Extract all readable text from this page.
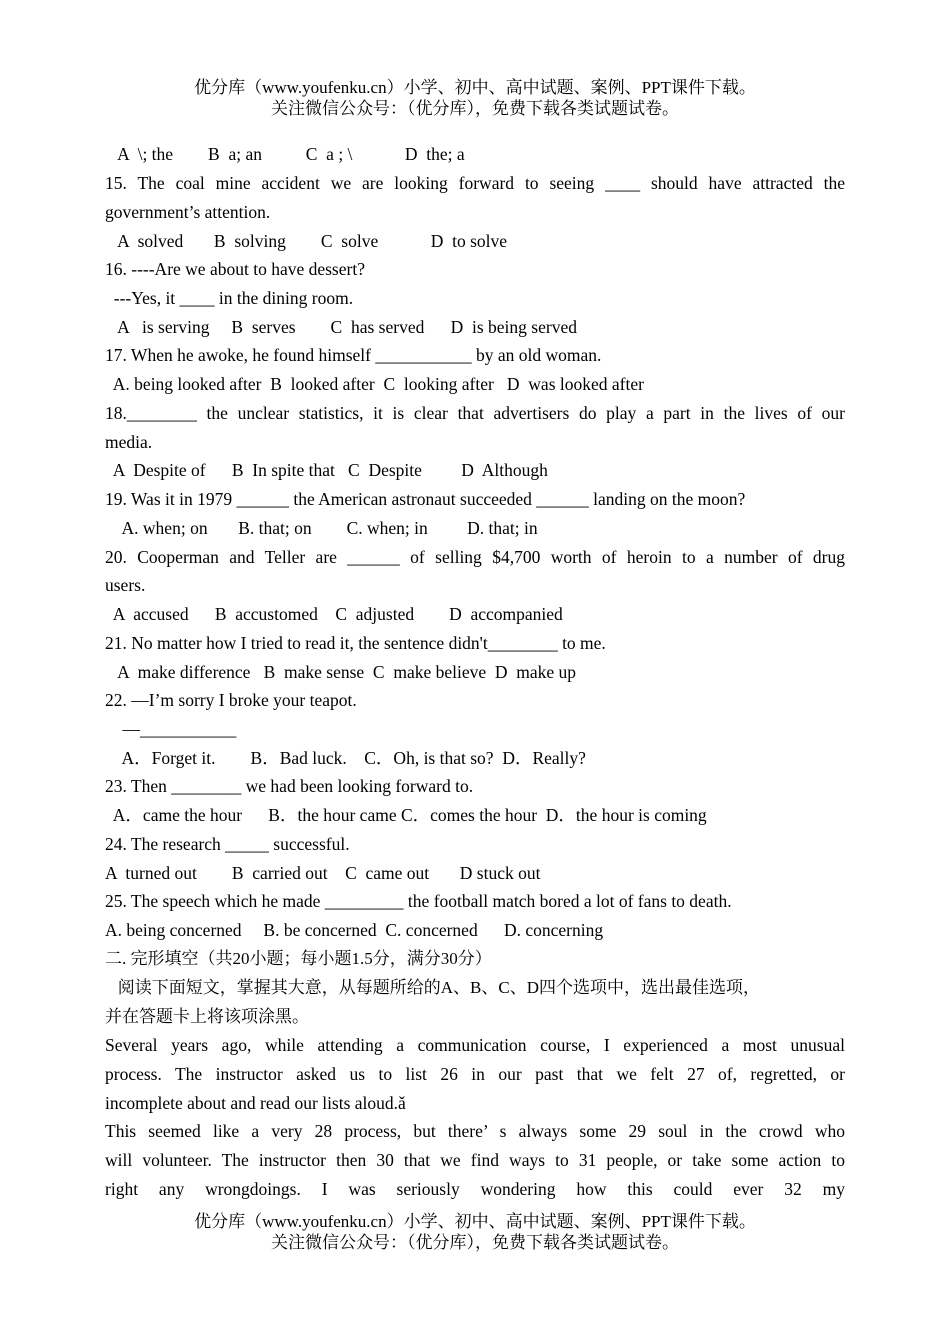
优分库（www.youfenku.cn）小学、初中、高中试题、案例、PPT课件下载。
关注微信公众号：（优分库），免费下载各类试题试卷。
A  \; the        B  a; an          C  a ; \            D  the; a
15. The coal mine accident we are looking forward to seeing ____ should have attracted the
government’s attention.
A  solved       B  solving        C  solve            D  to solve
16. ----Are we about to have dessert?
---Yes, it ____ in the dining room.
A   is serving     B  serves        C  has served      D  is being served
17. When he awoke, he found himself ___________ by an old woman.
A. being looked after  B  looked after  C  looking after   D  was looked after
18.________ the unclear statistics, it is clear that advertisers do play a part in the lives of our
media.
A  Despite of      B  In spite that   C  Despite         D  Although
19. Was it in 1979 ______ the American astronaut succeeded ______ landing on the moon?
A. when; on       B. that; on        C. when; in         D. that; in
20. Cooperman and Teller are ______ of selling $4,700 worth of heroin to a number of drug
users.
A  accused      B  accustomed    C  adjusted        D  accompanied
21. No matter how I tried to read it, the sentence didn't________ to me.
A  make difference   B  make sense  C  make believe  D  make up
22. —I’m sorry I broke your teapot.
—___________
A．Forget it.        B．Bad luck.    C．Oh, is that so?  D．Really?
23. Then ________ we had been looking forward to.
A．came the hour      B．the hour came C．comes the hour  D．the hour is coming
24. The research _____ successful.
A  turned out        B  carried out    C  came out       D stuck out
25. The speech which he made _________ the football match bored a lot of fans to death.
A. being concerned     B. be concerned  C. concerned      D. concerning
二. 完形填空（共20小题；每小题1.5分，满分30分）
阅读下面短文，掌握其大意，从每题所给的A、B、C、D四个选项中，选出最佳选项，
并在答题卡上将该项涂黑。
Several years ago, while attending a communication course, I experienced a most unusual
process. The instructor asked us to list 26 in our past that we felt 27 of, regretted, or
incomplete about and read our lists aloud.ǎ
This seemed like a very 28 process, but there’ s always some 29 soul in the crowd who
will volunteer. The instructor then 30 that we find ways to 31 people, or take some action to
right any wrongdoings. I was seriously wondering how this could ever 32 my
优分库（www.youfenku.cn）小学、初中、高中试题、案例、PPT课件下载。
关注微信公众号：（优分库），免费下载各类试题试卷。
